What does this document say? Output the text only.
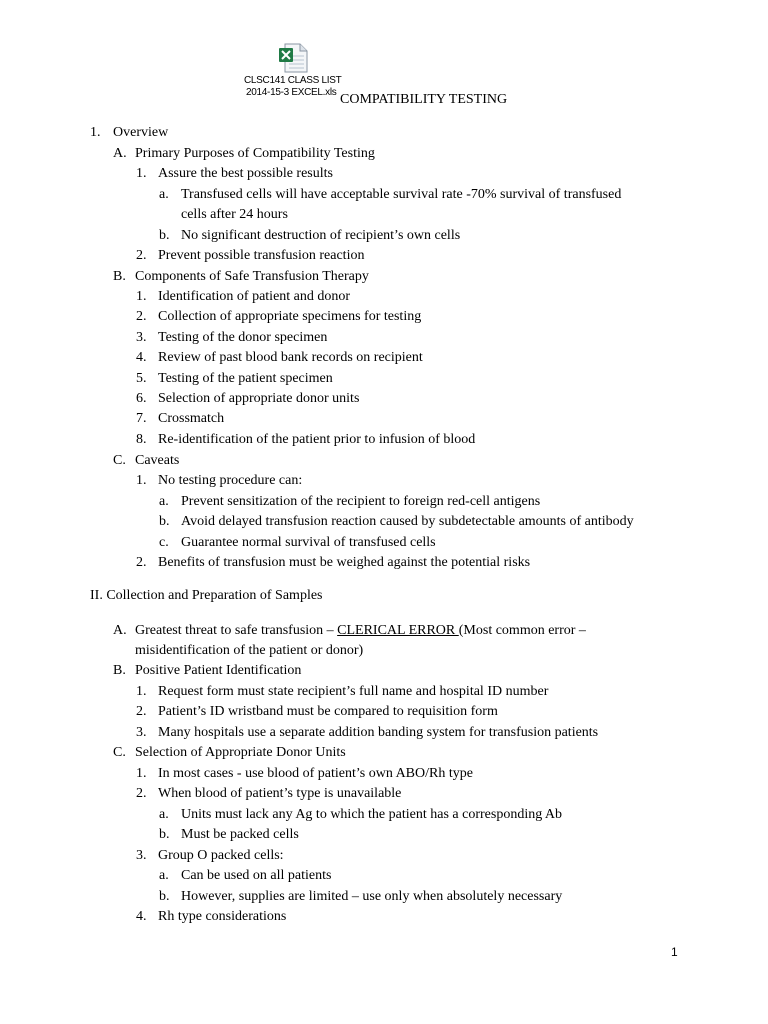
CLSC141 CLASS LIST
2014-15-3 EXCEL.xls COMPATIBILITY TESTING
1. Overview
A. Primary Purposes of Compatibility Testing
1. Assure the best possible results
a. Transfused cells will have acceptable survival rate -70% survival of transfused
cells after 24 hours
b. No significant destruction of recipient’s own cells
2. Prevent possible transfusion reaction
B. Components of Safe Transfusion Therapy
1. Identification of patient and donor
2. Collection of appropriate specimens for testing
3. Testing of the donor specimen
4. Review of past blood bank records on recipient
5. Testing of the patient specimen
6. Selection of appropriate donor units
7. Crossmatch
8. Re-identification of the patient prior to infusion of blood
C. Caveats
1. No testing procedure can:
a. Prevent sensitization of the recipient to foreign red-cell antigens
b. Avoid delayed transfusion reaction caused by subdetectable amounts of antibody
c. Guarantee normal survival of transfused cells
2. Benefits of transfusion must be weighed against the potential risks
II. Collection and Preparation of Samples
A. Greatest threat to safe transfusion – CLERICAL ERROR (Most common error –
misidentification of the patient or donor)
B. Positive Patient Identification
1. Request form must state recipient’s full name and hospital ID number
2. Patient’s ID wristband must be compared to requisition form
3. Many hospitals use a separate addition banding system for transfusion patients
C. Selection of Appropriate Donor Units
1. In most cases - use blood of patient’s own ABO/Rh type
2. When blood of patient’s type is unavailable
a. Units must lack any Ag to which the patient has a corresponding Ab
b. Must be packed cells
3. Group O packed cells:
a. Can be used on all patients
b. However, supplies are limited – use only when absolutely necessary
4. Rh type considerations
1
